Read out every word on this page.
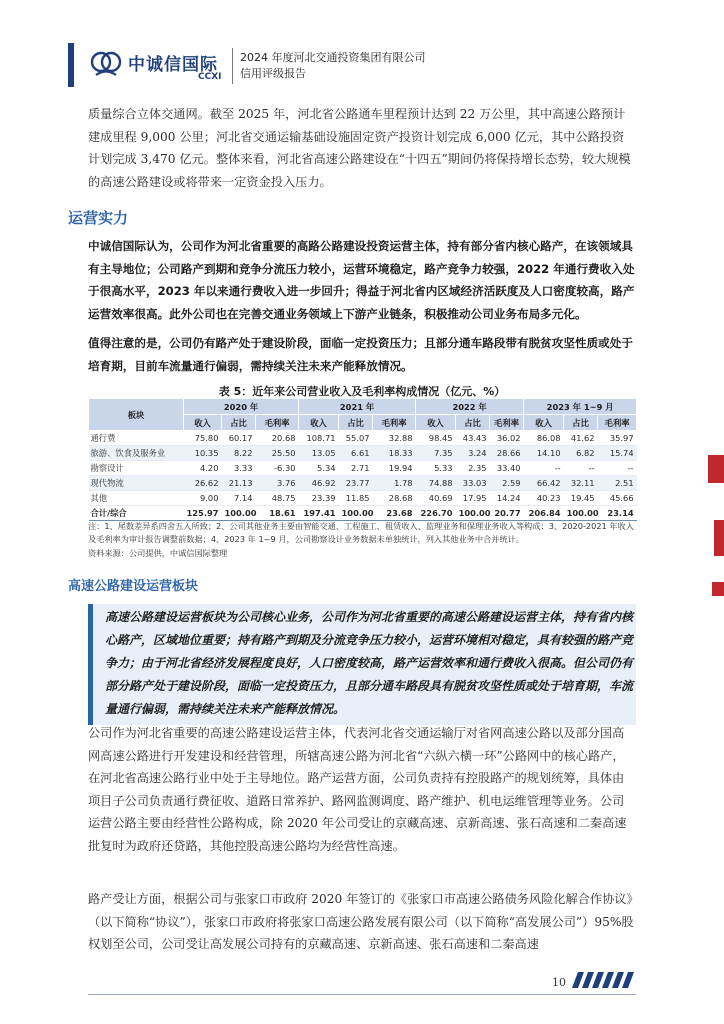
中诚信国际
CCXI
2024 年度河北交通投资集团有限公司
信用评级报告

质量综合立体交通网。截至 2025 年，河北省公路通车里程预计达到 22 万公里，其中高速公路预计建成里程 9,000 公里；河北省交通运输基础设施固定资产投资计划完成 6,000 亿元，其中公路投资计划完成 3,470 亿元。整体来看，河北省高速公路建设在“十四五”期间仍将保持增长态势，较大规模的高速公路建设或将带来一定资金投入压力。

运营实力

中诚信国际认为，公司作为河北省重要的高路公路建设投资运营主体，持有部分省内核心路产，在该领域具有主导地位；公司路产到期和竞争分流压力较小，运营环境稳定，路产竞争力较强，2022 年通行费收入处于很高水平，2023 年以来通行费收入进一步回升；得益于河北省内区域经济活跃度及人口密度较高，路产运营效率很高。此外公司也在完善交通业务领域上下游产业链条，积极推动公司业务布局多元化。

值得注意的是，公司仍有路产处于建设阶段，面临一定投资压力；且部分通车路段带有脱贫攻坚性质或处于培育期，目前车流量通行偏弱，需持续关注未来产能释放情况。

表 5：近年来公司营业收入及毛利率构成情况（亿元、%）
板块	2020 年			2021 年			2022 年			2023 年 1~9 月		
	收入	占比	毛利率	收入	占比	毛利率	收入	占比	毛利率	收入	占比	毛利率
通行费	75.80	60.17	20.68	108.71	55.07	32.88	98.45	43.43	36.02	86.08	41.62	35.97
旅游、饮食及服务业	10.35	8.22	25.50	13.05	6.61	18.33	7.35	3.24	28.66	14.10	6.82	15.74
勘察设计	4.20	3.33	-6.30	5.34	2.71	19.94	5.33	2.35	33.40	--	--	--
现代物流	26.62	21.13	3.76	46.92	23.77	1.78	74.88	33.03	2.59	66.42	32.11	2.51
其他	9.00	7.14	48.75	23.39	11.85	28.68	40.69	17.95	14.24	40.23	19.45	45.66
合计/综合	125.97	100.00	18.61	197.41	100.00	23.68	226.70	100.00	20.77	206.84	100.00	23.14

注：1、尾数差异系四舍五入所致；2、公司其他业务主要由智能交通、工程施工、租赁收入、监理业务和保理业务收入等构成；3、2020-2021 年收入及毛利率为审计报告调整前数据；4、2023 年 1~9 月，公司勘察设计业务数据未单独统计，列入其他业务中合并统计。

资料来源：公司提供，中诚信国际整理

高速公路建设运营板块

高速公路建设运营板块为公司核心业务，公司作为河北省重要的高速公路建设运营主体，持有省内核心路产，区域地位重要；持有路产到期及分流竞争压力较小，运营环境相对稳定，具有较强的路产竞争力；由于河北省经济发展程度良好，人口密度较高，路产运营效率和通行费收入很高。但公司仍有部分路产处于建设阶段，面临一定投资压力，且部分通车路段具有脱贫攻坚性质或处于培育期，车流量通行偏弱，需持续关注未来产能释放情况。

公司作为河北省重要的高速公路建设运营主体，代表河北省交通运输厅对省网高速公路以及部分国高网高速公路进行开发建设和经营管理，所辖高速公路为河北省“六纵六横一环”公路网中的核心路产，在河北省高速公路行业中处于主导地位。路产运营方面，公司负责持有控股路产的规划统筹，具体由项目子公司负责通行费征收、道路日常养护、路网监测调度、路产维护、机电运维管理等业务。公司运营公路主要由经营性公路构成，除 2020 年公司受让的京藏高速、京新高速、张石高速和二秦高速批复时为政府还贷路，其他控股高速公路均为经营性高速。

路产受让方面，根据公司与张家口市政府 2020 年签订的《张家口市高速公路债务风险化解合作协议》（以下简称“协议”），张家口市政府将张家口高速公路发展有限公司（以下简称“高发展公司”）95%股权划至公司，公司受让高发展公司持有的京藏高速、京新高速、张石高速和二秦高速

10
